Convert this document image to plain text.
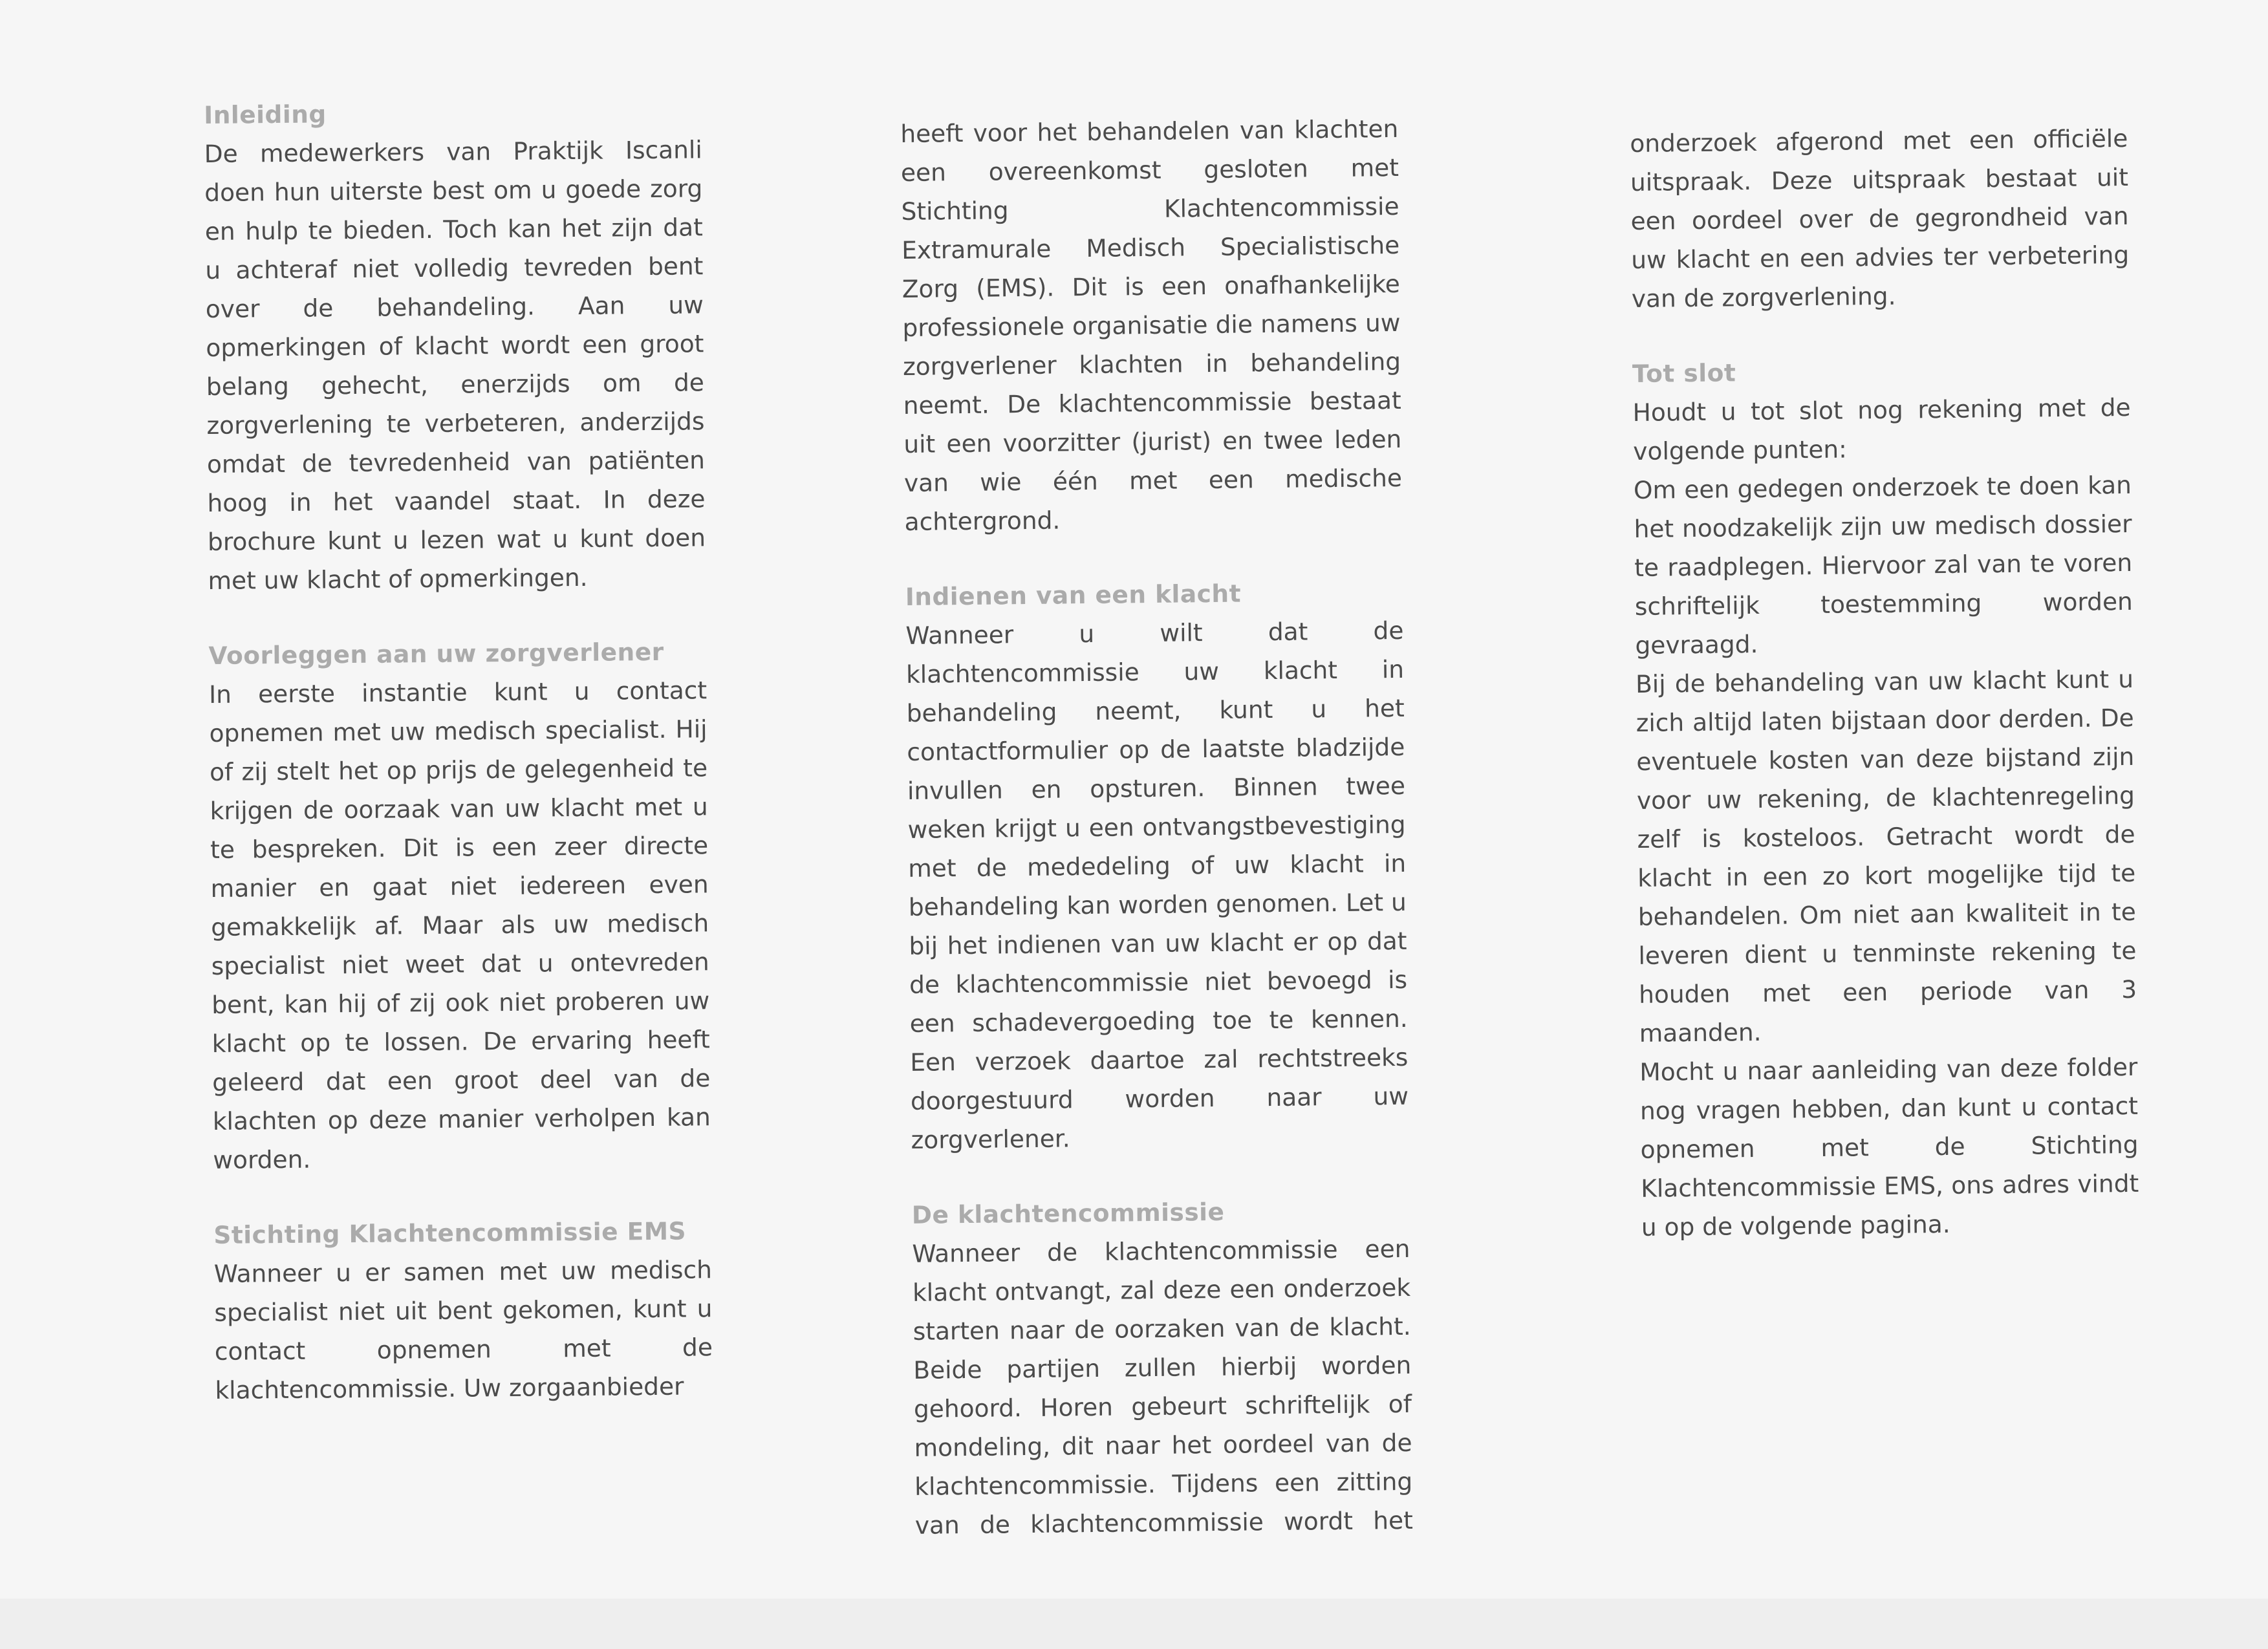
Inleiding

De medewerkers van Praktijk Iscanli doen hun uiterste best om u goede zorg en hulp te bieden. Toch kan het zijn dat u achteraf niet volledig tevreden bent over de behandeling. Aan uw opmerkingen of klacht wordt een groot belang gehecht, enerzijds om de zorgverlening te verbeteren, anderzijds omdat de tevredenheid van patiënten hoog in het vaandel staat. In deze brochure kunt u lezen wat u kunt doen met uw klacht of opmerkingen.

Voorleggen aan uw zorgverlener

In eerste instantie kunt u contact opnemen met uw medisch specialist. Hij of zij stelt het op prijs de gelegenheid te krijgen de oorzaak van uw klacht met u te bespreken. Dit is een zeer directe manier en gaat niet iedereen even gemakkelijk af. Maar als uw medisch specialist niet weet dat u ontevreden bent, kan hij of zij ook niet proberen uw klacht op te lossen. De ervaring heeft geleerd dat een groot deel van de klachten op deze manier verholpen kan worden.

Stichting Klachtencommissie EMS

Wanneer u er samen met uw medisch specialist niet uit bent gekomen, kunt u contact opnemen met de klachtencommissie. Uw zorgaanbieder

heeft voor het behandelen van klachten een overeenkomst gesloten met Stichting Klachtencommissie Extramurale Medisch Specialistische Zorg (EMS). Dit is een onafhankelijke professionele organisatie die namens uw zorgverlener klachten in behandeling neemt. De klachtencommissie bestaat uit een voorzitter (jurist) en twee leden van wie één met een medische achtergrond.

Indienen van een klacht

Wanneer u wilt dat de klachtencommissie uw klacht in behandeling neemt, kunt u het contactformulier op de laatste bladzijde invullen en opsturen. Binnen twee weken krijgt u een ontvangstbevestiging met de mededeling of uw klacht in behandeling kan worden genomen. Let u bij het indienen van uw klacht er op dat de klachtencommissie niet bevoegd is een schadevergoeding toe te kennen. Een verzoek daartoe zal rechtstreeks doorgestuurd worden naar uw zorgverlener.

De klachtencommissie

Wanneer de klachtencommissie een klacht ontvangt, zal deze een onderzoek starten naar de oorzaken van de klacht. Beide partijen zullen hierbij worden gehoord. Horen gebeurt schriftelijk of mondeling, dit naar het oordeel van de klachtencommissie. Tijdens een zitting van de klachtencommissie wordt het

onderzoek afgerond met een officiële uitspraak. Deze uitspraak bestaat uit een oordeel over de gegrondheid van uw klacht en een advies ter verbetering van de zorgverlening.

Tot slot

Houdt u tot slot nog rekening met de volgende punten:

Om een gedegen onderzoek te doen kan het noodzakelijk zijn uw medisch dossier te raadplegen. Hiervoor zal van te voren schriftelijk toestemming worden gevraagd.

Bij de behandeling van uw klacht kunt u zich altijd laten bijstaan door derden. De eventuele kosten van deze bijstand zijn voor uw rekening, de klachtenregeling zelf is kosteloos. Getracht wordt de klacht in een zo kort mogelijke tijd te behandelen. Om niet aan kwaliteit in te leveren dient u tenminste rekening te houden met een periode van 3 maanden.

Mocht u naar aanleiding van deze folder nog vragen hebben, dan kunt u contact opnemen met de Stichting Klachtencommissie EMS, ons adres vindt u op de volgende pagina.
